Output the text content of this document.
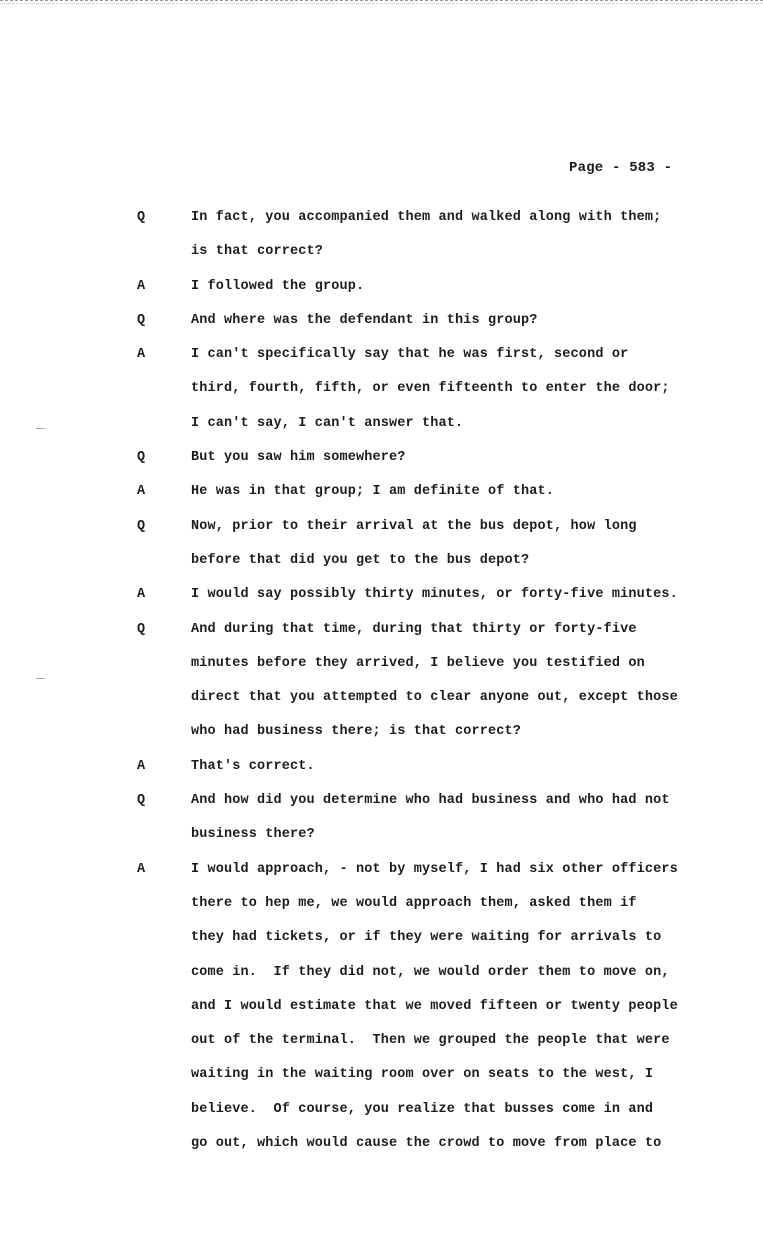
Page - 583 -
Q	In fact, you accompanied them and walked along with them;
is that correct?
A	I followed the group.
Q	And where was the defendant in this group?
A	I can't specifically say that he was first, second or
third, fourth, fifth, or even fifteenth to enter the door;
I can't say, I can't answer that.
Q	But you saw him somewhere?
A	He was in that group; I am definite of that.
Q	Now, prior to their arrival at the bus depot, how long
before that did you get to the bus depot?
A	I would say possibly thirty minutes, or forty-five minutes.
Q	And during that time, during that thirty or forty-five
minutes before they arrived, I believe you testified on
direct that you attempted to clear anyone out, except those
who had business there; is that correct?
A	That's correct.
Q	And how did you determine who had business and who had not
business there?
A	I would approach, - not by myself, I had six other officers
there to hep me, we would approach them, asked them if
they had tickets, or if they were waiting for arrivals to
come in.  If they did not, we would order them to move on,
and I would estimate that we moved fifteen or twenty people
out of the terminal.  Then we grouped the people that were
waiting in the waiting room over on seats to the west, I
believe.  Of course, you realize that busses come in and
go out, which would cause the crowd to move from place to
